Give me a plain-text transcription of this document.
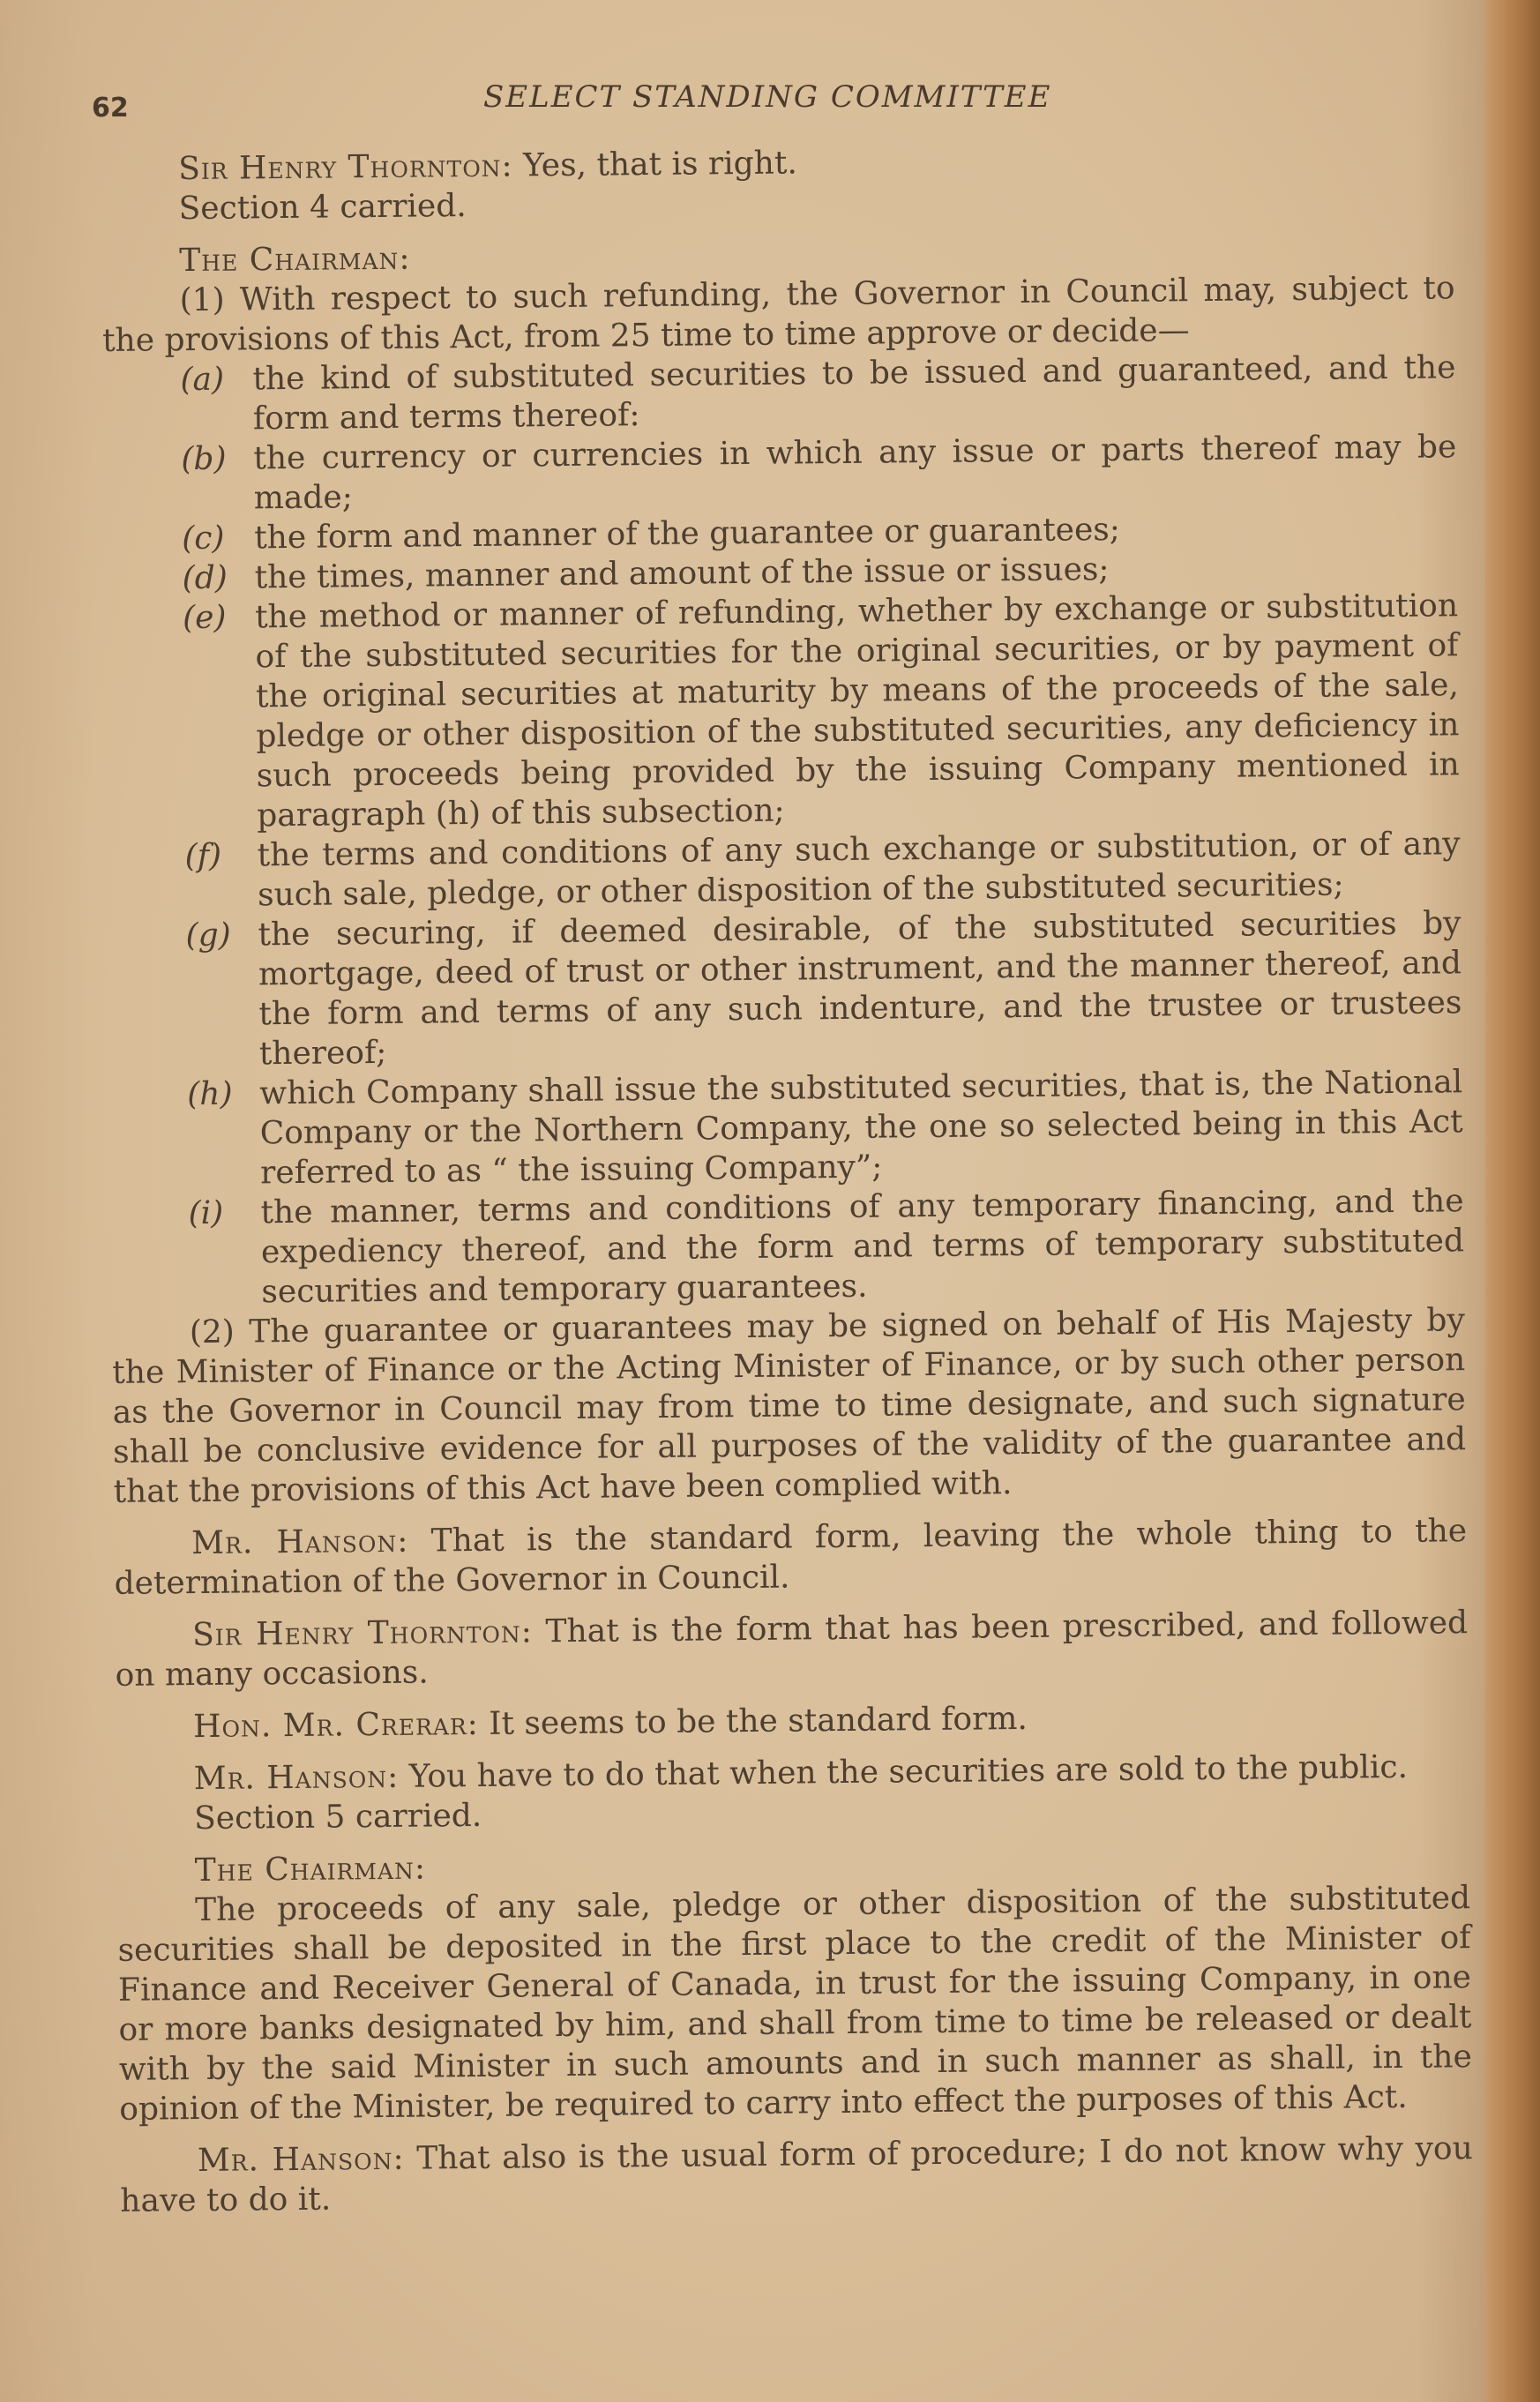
62	SELECT STANDING COMMITTEE

Sir Henry Thornton: Yes, that is right.

Section 4 carried.

The Chairman:

(1) With respect to such refunding, the Governor in Council may, subject to the provisions of this Act, from 25 time to time approve or decide—

(a) the kind of substituted securities to be issued and guaranteed, and the form and terms thereof:
(b) the currency or currencies in which any issue or parts thereof may be made;
(c) the form and manner of the guarantee or guarantees;
(d) the times, manner and amount of the issue or issues;
(e) the method or manner of refunding, whether by exchange or substitution of the substituted securities for the original securities, or by payment of the original securities at maturity by means of the proceeds of the sale, pledge or other disposition of the substituted securities, any deficiency in such proceeds being provided by the issuing Company mentioned in paragraph (h) of this subsection;
(f)	the terms and conditions of any such exchange or substitution, or of any such sale, pledge, or other disposition of the substituted securities;
(g) the securing, if deemed desirable, of the substituted securities by mortgage, deed of trust or other instrument, and the manner thereof, and the form and terms of any such indenture, and the trustee or trustees thereof;
(h) which Company shall issue the substituted securities, that is, the National Company or the Northern Company, the one so selected being in this Act referred to as “ the issuing Company”;
(i)	the manner, terms and conditions of any temporary financing, and the expediency thereof, and the form and terms of temporary substituted securities and temporary guarantees.

(2) The guarantee or guarantees may be signed on behalf of His Majesty by the Minister of Finance or the Acting Minister of Finance, or by such other person as the Governor in Council may from time to time designate, and such signature shall be conclusive evidence for all purposes of the validity of the guarantee and that the provisions of this Act have been complied with.

Mr. Hanson: That is the standard form, leaving the whole thing to the determination of the Governor in Council.

Sir Henry Thornton: That is the form that has been prescribed, and followed on many occasions.

Hon. Mr. Crerar: It seems to be the standard form.

Mr. Hanson: You have to do that when the securities are sold to the public.

Section 5 carried.

The Chairman:

The proceeds of any sale, pledge or other disposition of the substituted securities shall be deposited in the first place to the credit of the Minister of Finance and Receiver General of Canada, in trust for the issuing Company, in one or more banks designated by him, and shall from time to time be released or dealt with by the said Minister in such amounts and in such manner as shall, in the opinion of the Minister, be required to carry into effect the purposes of this Act.

Mr. Hanson: That also is the usual form of procedure; I do not know why you have to do it.
